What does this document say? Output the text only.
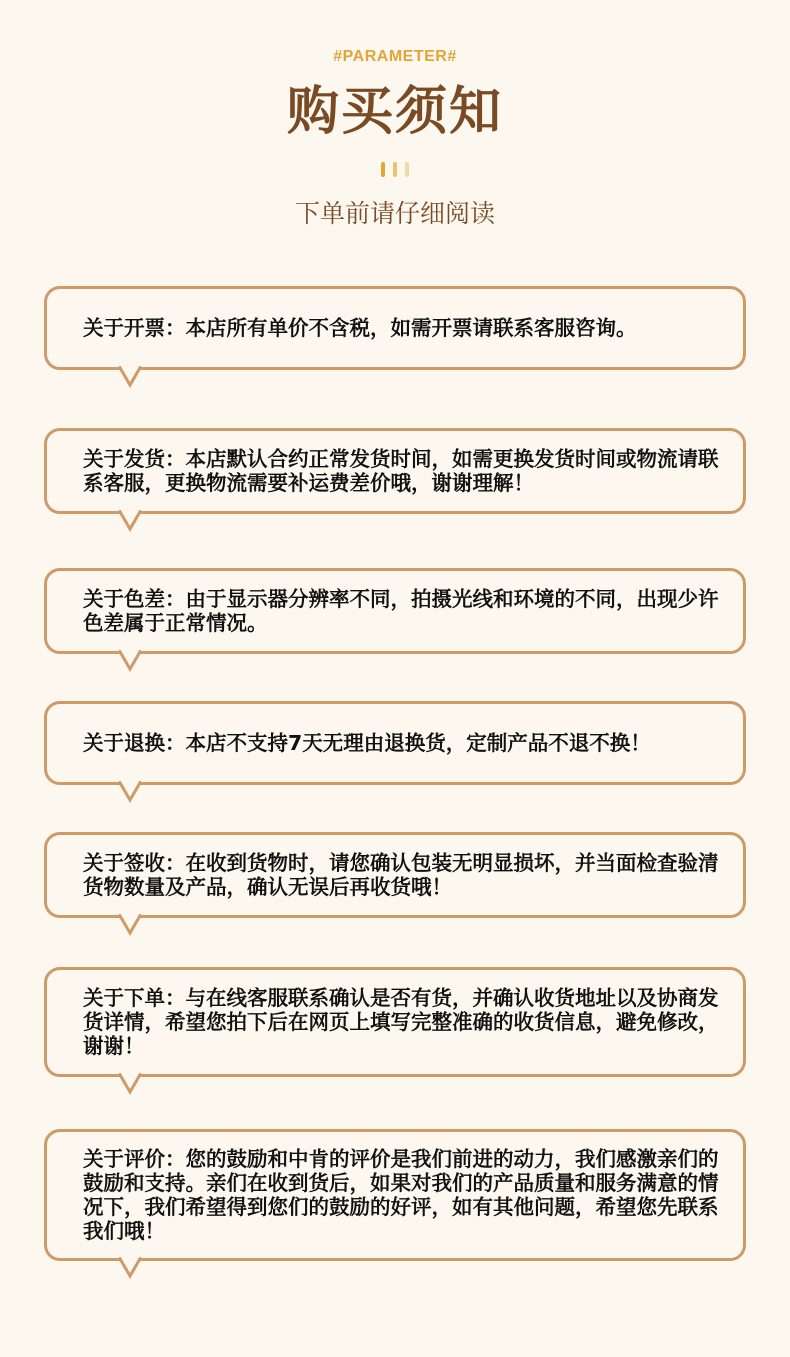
#PARAMETER#
购买须知
下单前请仔细阅读

关于开票：本店所有单价不含税，如需开票请联系客服咨询。

关于发货：本店默认合约正常发货时间，如需更换发货时间或物流请联系客服，更换物流需要补运费差价哦，谢谢理解！

关于色差：由于显示器分辨率不同，拍摄光线和环境的不同，出现少许色差属于正常情况。

关于退换：本店不支持7天无理由退换货，定制产品不退不换！

关于签收：在收到货物时，请您确认包装无明显损坏，并当面检查验清货物数量及产品，确认无误后再收货哦！

关于下单：与在线客服联系确认是否有货，并确认收货地址以及协商发货详情，希望您拍下后在网页上填写完整准确的收货信息，避免修改，谢谢！

关于评价：您的鼓励和中肯的评价是我们前进的动力，我们感激亲们的鼓励和支持。亲们在收到货后，如果对我们的产品质量和服务满意的情况下，我们希望得到您们的鼓励的好评，如有其他问题，希望您先联系我们哦！
